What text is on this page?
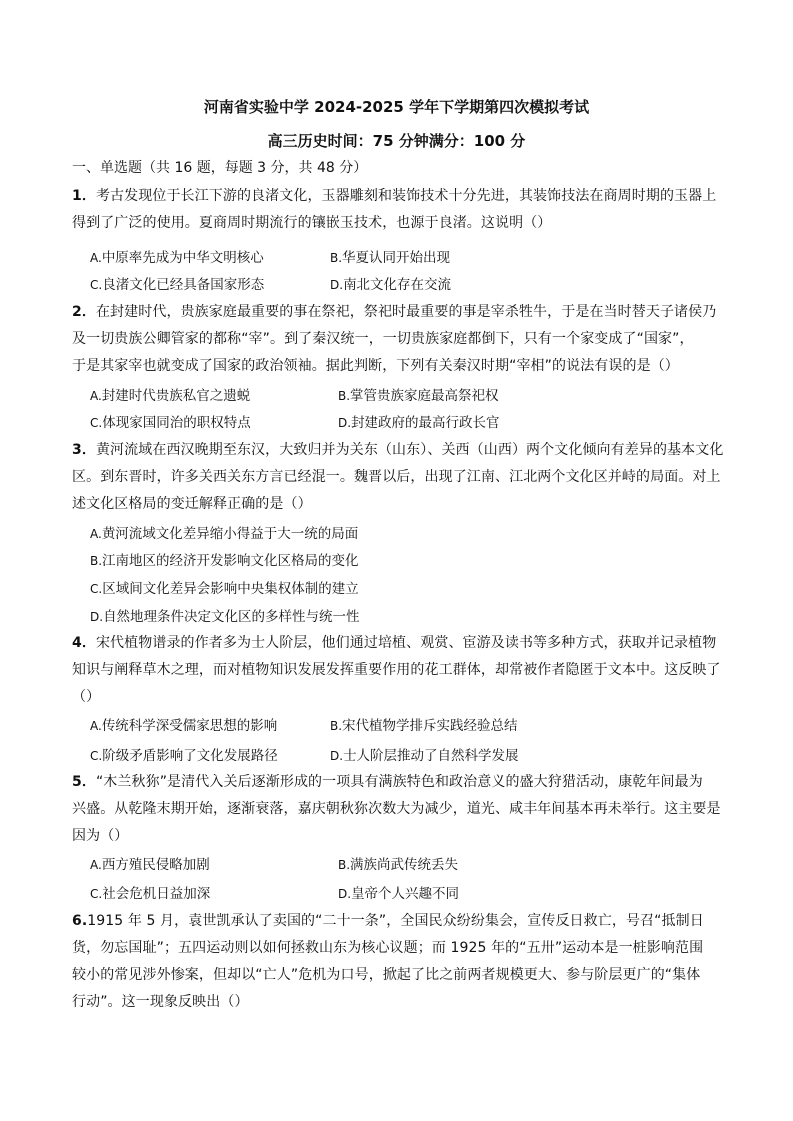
河南省实验中学 2024-2025 学年下学期第四次模拟考试
高三历史时间：75 分钟满分：100 分
一、单选题（共 16 题，每题 3 分，共 48 分）
1．考古发现位于长江下游的良渚文化，玉器雕刻和装饰技术十分先进，其装饰技法在商周时期的玉器上
得到了广泛的使用。夏商周时期流行的镶嵌玉技术，也源于良渚。这说明（）
A.中原率先成为中华文明核心	B.华夏认同开始出现
C.良渚文化已经具备国家形态	D.南北文化存在交流
2．在封建时代，贵族家庭最重要的事在祭祀，祭祀时最重要的事是宰杀牲牛，于是在当时替天子诸侯乃
及一切贵族公卿管家的都称“宰”。到了秦汉统一，一切贵族家庭都倒下，只有一个家变成了“国家”，
于是其家宰也就变成了国家的政治领袖。据此判断，下列有关秦汉时期“宰相”的说法有误的是（）
A.封建时代贵族私官之遗蜕	B.掌管贵族家庭最高祭祀权
C.体现家国同治的职权特点	D.封建政府的最高行政长官
3．黄河流域在西汉晚期至东汉，大致归并为关东（山东）、关西（山西）两个文化倾向有差异的基本文化
区。到东晋时，许多关西关东方言已经混一。魏晋以后，出现了江南、江北两个文化区并峙的局面。对上
述文化区格局的变迁解释正确的是（）
A.黄河流域文化差异缩小得益于大一统的局面
B.江南地区的经济开发影响文化区格局的变化
C.区域间文化差异会影响中央集权体制的建立
D.自然地理条件决定文化区的多样性与统一性
4．宋代植物谱录的作者多为士人阶层，他们通过培植、观赏、宦游及读书等多种方式，获取并记录植物
知识与阐释草木之理，而对植物知识发展发挥重要作用的花工群体，却常被作者隐匿于文本中。这反映了
（）
A.传统科学深受儒家思想的影响	B.宋代植物学排斥实践经验总结
C.阶级矛盾影响了文化发展路径	D.士人阶层推动了自然科学发展
5．“木兰秋狝”是清代入关后逐渐形成的一项具有满族特色和政治意义的盛大狩猎活动，康乾年间最为
兴盛。从乾隆末期开始，逐渐衰落，嘉庆朝秋狝次数大为减少，道光、咸丰年间基本再未举行。这主要是
因为（）
A.西方殖民侵略加剧	B.满族尚武传统丢失
C.社会危机日益加深	D.皇帝个人兴趣不同
6.1915 年 5 月，袁世凯承认了卖国的“二十一条”，全国民众纷纷集会，宣传反日救亡，号召“抵制日
货，勿忘国耻”；五四运动则以如何拯救山东为核心议题；而 1925 年的“五卅”运动本是一桩影响范围
较小的常见涉外惨案，但却以“亡人”危机为口号，掀起了比之前两者规模更大、参与阶层更广的“集体
行动”。这一现象反映出（）
